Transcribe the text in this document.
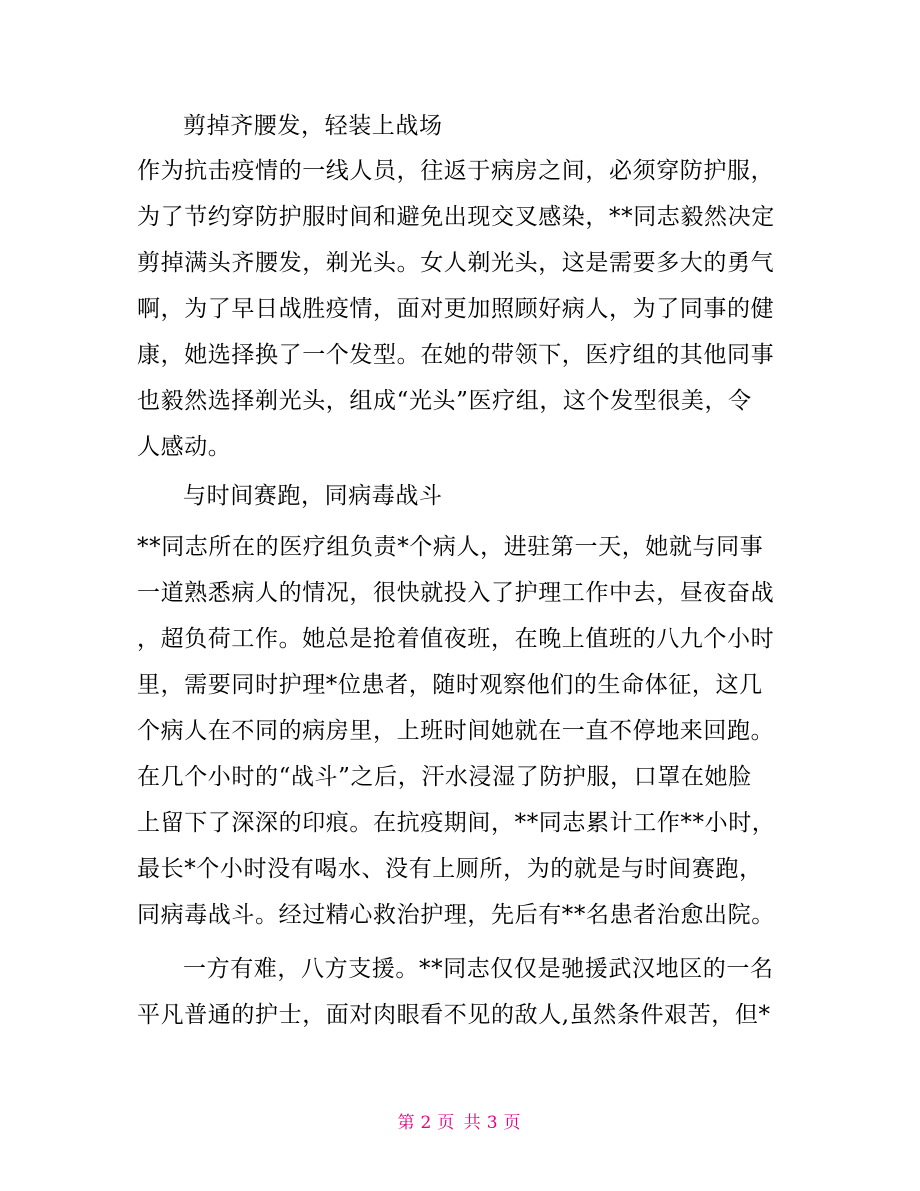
剪掉齐腰发，轻装上战场
作为抗击疫情的一线人员，往返于病房之间，必须穿防护服，
为了节约穿防护服时间和避免出现交叉感染，**同志毅然决定
剪掉满头齐腰发，剃光头。女人剃光头，这是需要多大的勇气
啊，为了早日战胜疫情，面对更加照顾好病人，为了同事的健
康，她选择换了一个发型。在她的带领下，医疗组的其他同事
也毅然选择剃光头，组成“光头”医疗组，这个发型很美，令
人感动。
与时间赛跑，同病毒战斗
**同志所在的医疗组负责*个病人，进驻第一天，她就与同事
一道熟悉病人的情况，很快就投入了护理工作中去，昼夜奋战
，超负荷工作。她总是抢着值夜班，在晚上值班的八九个小时
里，需要同时护理*位患者，随时观察他们的生命体征，这几
个病人在不同的病房里，上班时间她就在一直不停地来回跑。
在几个小时的“战斗”之后，汗水浸湿了防护服，口罩在她脸
上留下了深深的印痕。在抗疫期间，**同志累计工作**小时，
最长*个小时没有喝水、没有上厕所，为的就是与时间赛跑，
同病毒战斗。经过精心救治护理，先后有**名患者治愈出院。
一方有难，八方支援。**同志仅仅是驰援武汉地区的一名
平凡普通的护士，面对肉眼看不见的敌人,虽然条件艰苦，但*
第 2 页 共 3 页
